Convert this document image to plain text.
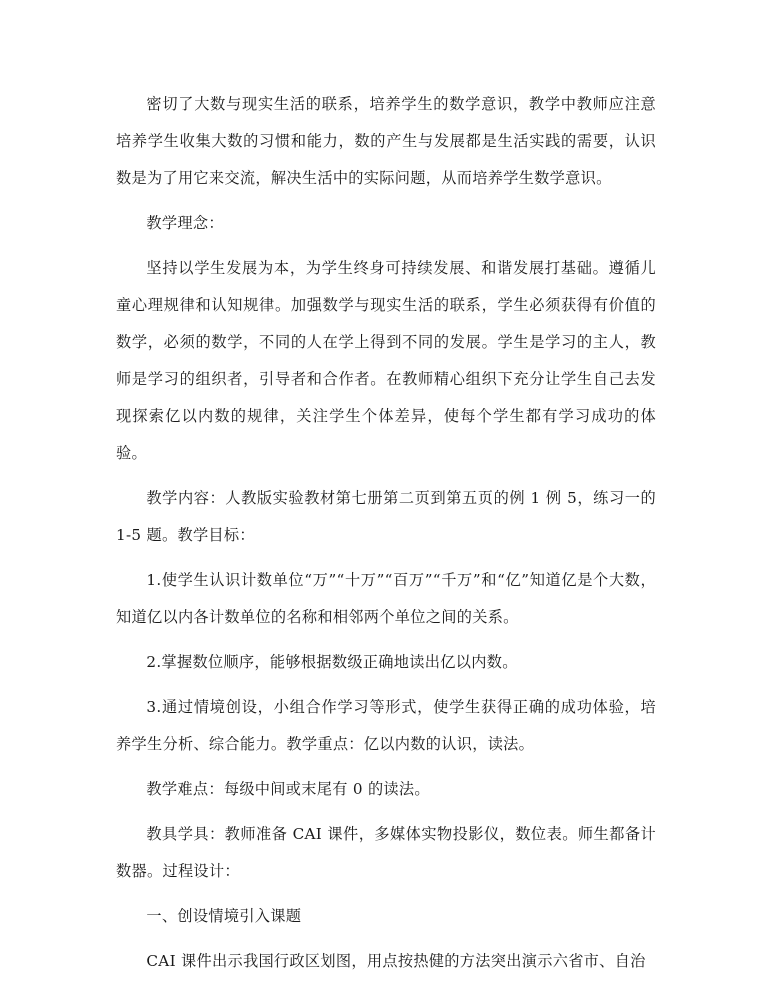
密切了大数与现实生活的联系，培养学生的数学意识，教学中教师应注意培养学生收集大数的习惯和能力，数的产生与发展都是生活实践的需要，认识数是为了用它来交流，解决生活中的实际问题，从而培养学生数学意识。

教学理念：

坚持以学生发展为本，为学生终身可持续发展、和谐发展打基础。遵循儿童心理规律和认知规律。加强数学与现实生活的联系，学生必须获得有价值的数学，必须的数学，不同的人在学上得到不同的发展。学生是学习的主人，教师是学习的组织者，引导者和合作者。在教师精心组织下充分让学生自己去发现探索亿以内数的规律，关注学生个体差异，使每个学生都有学习成功的体验。

教学内容：人教版实验教材第七册第二页到第五页的例 1 例 5，练习一的 1-5 题。教学目标：

1.使学生认识计数单位“万”“十万”“百万”“千万”和“亿”知道亿是个大数，知道亿以内各计数单位的名称和相邻两个单位之间的关系。

2.掌握数位顺序，能够根据数级正确地读出亿以内数。

3.通过情境创设，小组合作学习等形式，使学生获得正确的成功体验，培养学生分析、综合能力。教学重点：亿以内数的认识，读法。

教学难点：每级中间或末尾有 0 的读法。

教具学具：教师准备 CAI 课件，多媒体实物投影仪，数位表。师生都备计数器。过程设计：

一、创设情境引入课题

CAI 课件出示我国行政区划图，用点按热健的方法突出演示六省市、自治
